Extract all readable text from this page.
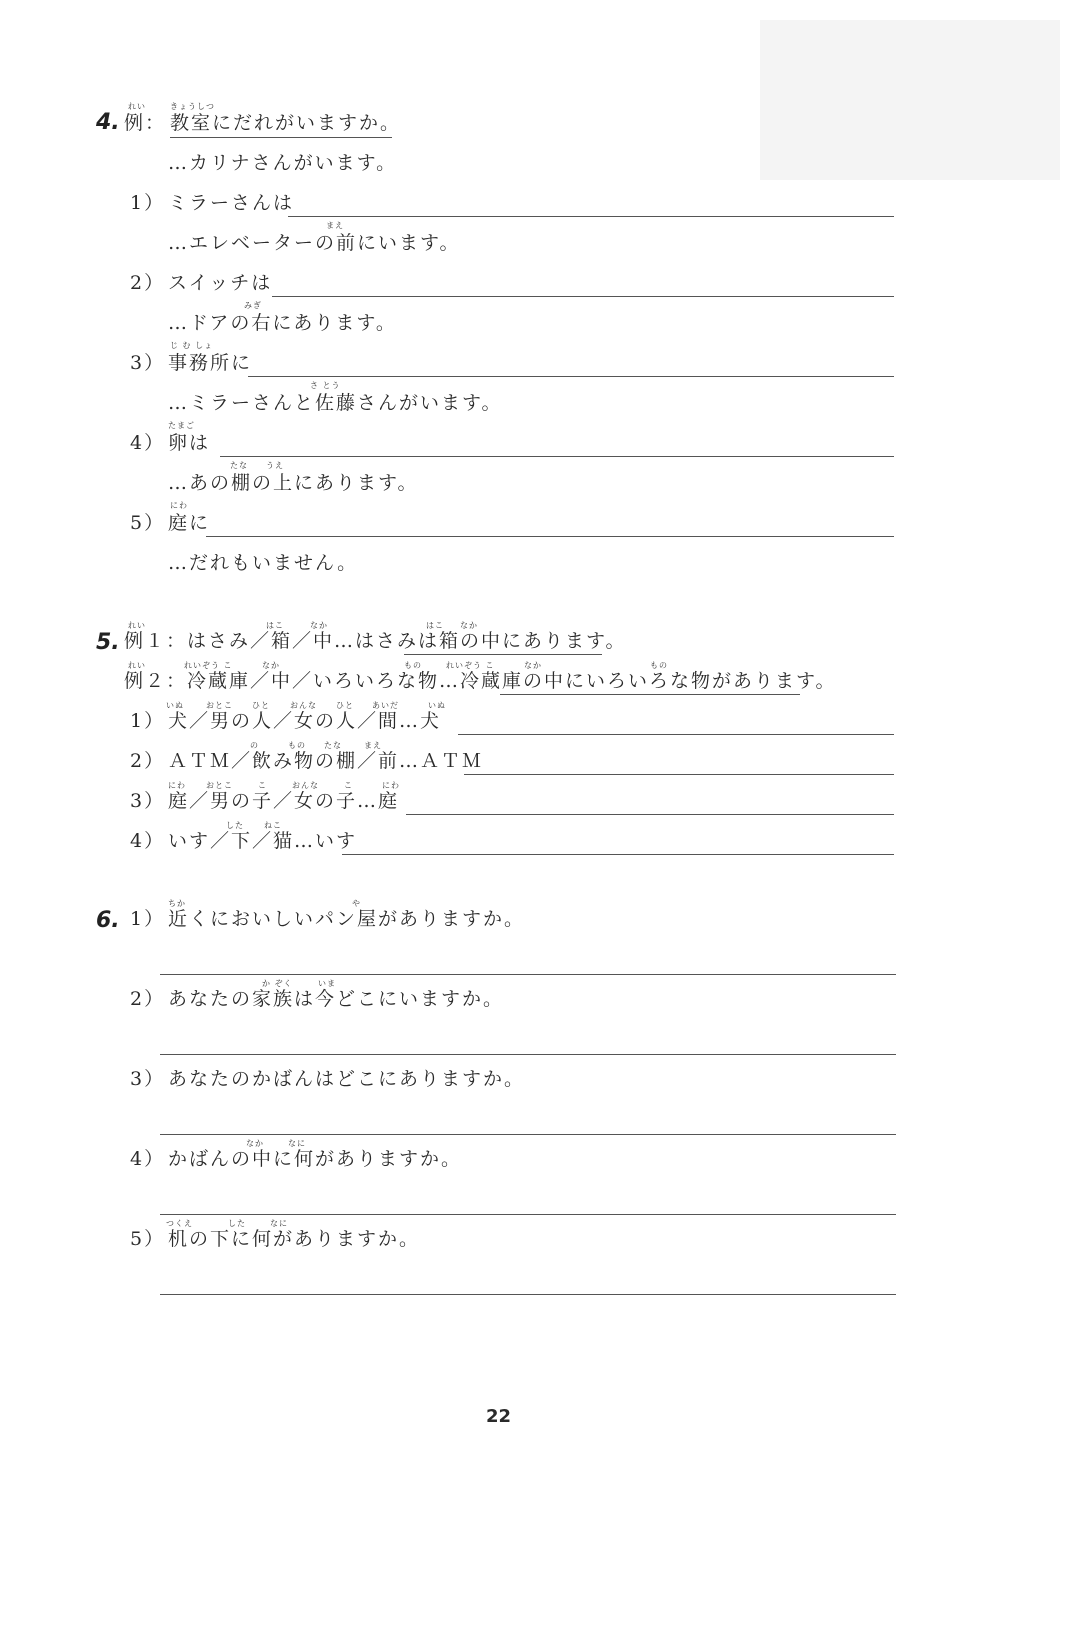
4.
れい
例：
きょうしつ
教室にだれがいますか。
…カリナさんがいます。
1） ミラーさんは
まえ
…エレベーターの前にいます。
2） スイッチは
みぎ
…ドアの右にあります。
3）
じ む しょ
事務所に
さ とう
…ミラーさんと佐藤さんがいます。
4）
たまご
卵は
たな うえ
…あの棚の上にあります。
5）
にわ
庭に
…だれもいません。
5.
れい	はこ	なか	はこ なか
例１：はさみ／箱／中…はさみは箱の中にあります。
れい	れいぞう こ	なか	もの	れいぞう こ	なか	もの
例２：冷蔵庫／中／いろいろな物…冷蔵庫の中にいろいろな物があります。
1）
いぬ	おとこ ひと	おんな ひと あいだ	いぬ
犬／男の人／女の人／間…犬
2）
の	もの たな	まえ
ＡＴＭ／飲み物の棚／前…ＡＴＭ
3）
にわ	おとこ	こ	おんな	こ	にわ
庭／男の子／女の子…庭
4）
した	ねこ
いす／下／猫…いす
6. 1）
ちか	や
近くにおいしいパン屋がありますか。
2）
か ぞく	いま
あなたの家族は今どこにいますか。
3） あなたのかばんはどこにありますか。
4）
なか	なに
かばんの中に何がありますか。
5）
つくえ	した	なに
机の下に何がありますか。
22
